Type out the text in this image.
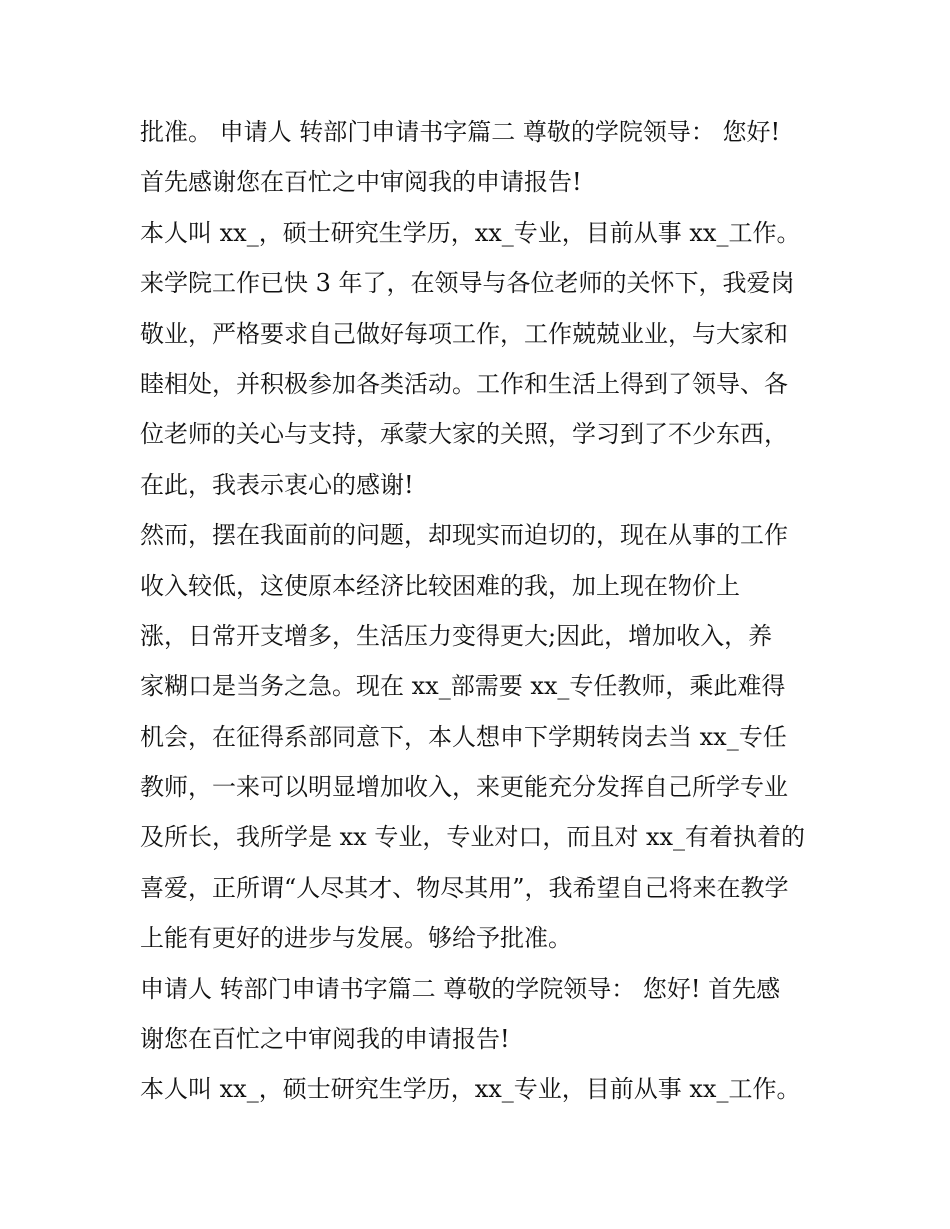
批准。 申请人 转部门申请书字篇二 尊敬的学院领导： 您好!
首先感谢您在百忙之中审阅我的申请报告!
本人叫 xx_，硕士研究生学历，xx_专业，目前从事 xx_工作。
来学院工作已快 3 年了，在领导与各位老师的关怀下，我爱岗
敬业，严格要求自己做好每项工作，工作兢兢业业，与大家和
睦相处，并积极参加各类活动。工作和生活上得到了领导、各
位老师的关心与支持，承蒙大家的关照，学习到了不少东西，
在此，我表示衷心的感谢!
然而，摆在我面前的问题，却现实而迫切的，现在从事的工作
收入较低，这使原本经济比较困难的我，加上现在物价上
涨，日常开支增多，生活压力变得更大;因此，增加收入，养
家糊口是当务之急。现在 xx_部需要 xx_专任教师，乘此难得
机会，在征得系部同意下，本人想申下学期转岗去当 xx_专任
教师，一来可以明显增加收入，来更能充分发挥自己所学专业
及所长，我所学是 xx 专业，专业对口，而且对 xx_有着执着的
喜爱，正所谓“人尽其才、物尽其用”，我希望自己将来在教学
上能有更好的进步与发展。够给予批准。
申请人 转部门申请书字篇二 尊敬的学院领导： 您好! 首先感
谢您在百忙之中审阅我的申请报告!
本人叫 xx_，硕士研究生学历，xx_专业，目前从事 xx_工作。
